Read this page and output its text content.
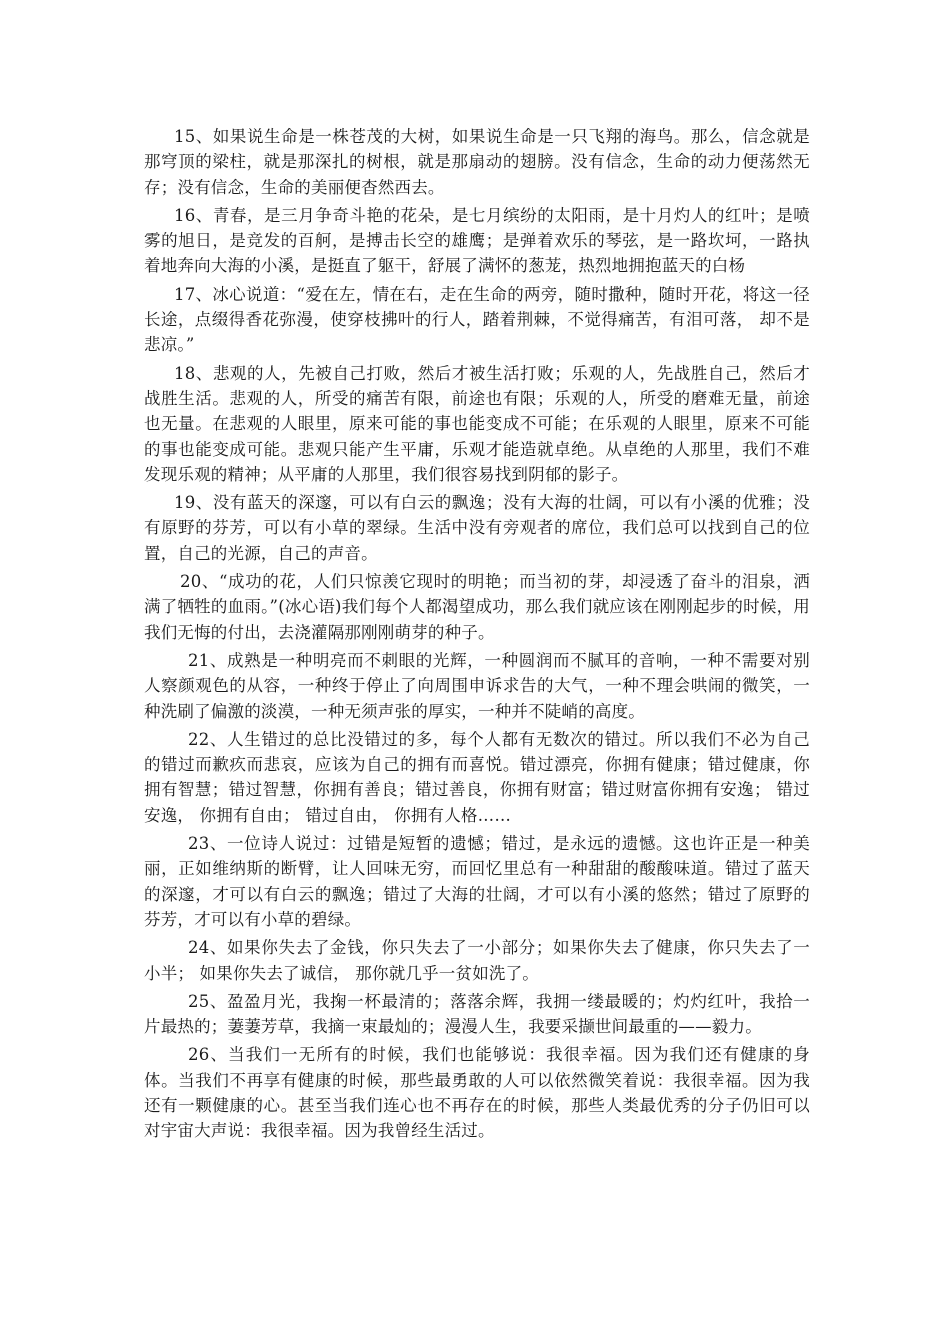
15、如果说生命是一株苍茂的大树，如果说生命是一只飞翔的海鸟。那么，信念就是那穹顶的梁柱，就是那深扎的树根，就是那扇动的翅膀。没有信念，生命的动力便荡然无存；没有信念，生命的美丽便杳然西去。

16、青春，是三月争奇斗艳的花朵，是七月缤纷的太阳雨，是十月灼人的红叶；是喷雾的旭日，是竞发的百舸，是搏击长空的雄鹰；是弹着欢乐的琴弦，是一路坎坷，一路执着地奔向大海的小溪，是挺直了躯干，舒展了满怀的葱茏，热烈地拥抱蓝天的白杨

17、冰心说道：“爱在左，情在右，走在生命的两旁，随时撒种，随时开花，将这一径长途，点缀得香花弥漫，使穿枝拂叶的行人，踏着荆棘，不觉得痛苦，有泪可落， 却不是悲凉。”

18、悲观的人，先被自己打败，然后才被生活打败；乐观的人，先战胜自己，然后才战胜生活。悲观的人，所受的痛苦有限，前途也有限；乐观的人，所受的磨难无量，前途也无量。在悲观的人眼里，原来可能的事也能变成不可能；在乐观的人眼里，原来不可能的事也能变成可能。悲观只能产生平庸，乐观才能造就卓绝。从卓绝的人那里，我们不难发现乐观的精神；从平庸的人那里，我们很容易找到阴郁的影子。

19、没有蓝天的深邃，可以有白云的飘逸；没有大海的壮阔，可以有小溪的优雅；没有原野的芬芳，可以有小草的翠绿。生活中没有旁观者的席位，我们总可以找到自己的位置，自己的光源，自己的声音。

20、“成功的花，人们只惊羡它现时的明艳；而当初的芽，却浸透了奋斗的泪泉，洒满了牺牲的血雨。”(冰心语)我们每个人都渴望成功，那么我们就应该在刚刚起步的时候，用我们无悔的付出，去浇灌隔那刚刚萌芽的种子。

21、成熟是一种明亮而不刺眼的光辉，一种圆润而不腻耳的音响，一种不需要对别人察颜观色的从容，一种终于停止了向周围申诉求告的大气，一种不理会哄闹的微笑，一种洗刷了偏激的淡漠，一种无须声张的厚实，一种并不陡峭的高度。

22、人生错过的总比没错过的多，每个人都有无数次的错过。所以我们不必为自己的错过而歉疚而悲哀，应该为自己的拥有而喜悦。错过漂亮，你拥有健康；错过健康，你拥有智慧；错过智慧，你拥有善良；错过善良，你拥有财富；错过财富你拥有安逸； 错过安逸， 你拥有自由； 错过自由， 你拥有人格……

23、一位诗人说过：过错是短暂的遗憾；错过，是永远的遗憾。这也许正是一种美丽，正如维纳斯的断臂，让人回味无穷，而回忆里总有一种甜甜的酸酸味道。错过了蓝天的深邃，才可以有白云的飘逸；错过了大海的壮阔，才可以有小溪的悠然；错过了原野的芬芳，才可以有小草的碧绿。

24、如果你失去了金钱，你只失去了一小部分；如果你失去了健康，你只失去了一小半； 如果你失去了诚信， 那你就几乎一贫如洗了。

25、盈盈月光，我掬一杯最清的；落落余辉，我拥一缕最暖的；灼灼红叶，我拾一片最热的；萋萋芳草，我摘一束最灿的；漫漫人生，我要采撷世间最重的——毅力。

26、当我们一无所有的时候，我们也能够说：我很幸福。因为我们还有健康的身体。当我们不再享有健康的时候，那些最勇敢的人可以依然微笑着说：我很幸福。因为我还有一颗健康的心。甚至当我们连心也不再存在的时候，那些人类最优秀的分子仍旧可以对宇宙大声说：我很幸福。因为我曾经生活过。
